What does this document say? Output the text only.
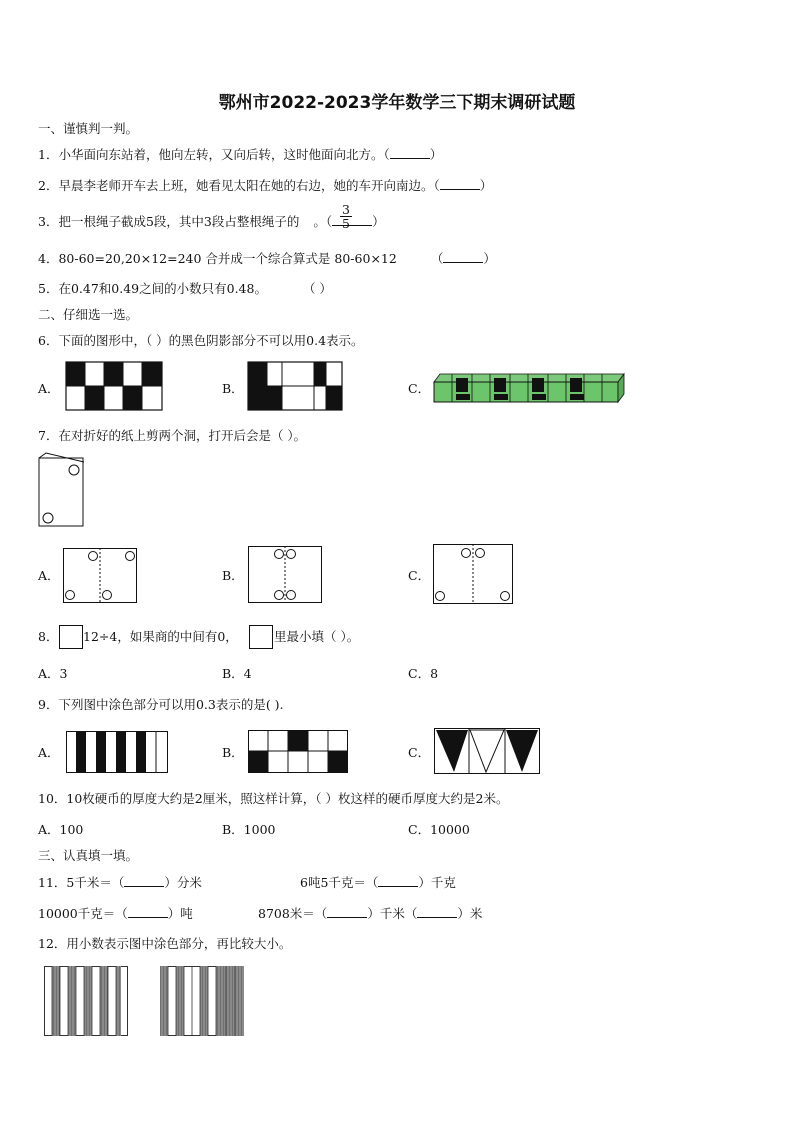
鄂州市2022-2023学年数学三下期末调研试题
一、谨慎判一判。
1．小华面向东站着，他向左转，又向后转，这时他面向北方。（	）
2．早晨李老师开车去上班，她看见太阳在她的右边，她的车开向南边。（	）
3．把一根绳子截成5段，其中3段占整根绳子的 。（	）
$\frac{3}{5}$
4．80-60=20,20×12=240 合并成一个综合算式是 80-60×12	（	）
5．在0.47和0.49之间的小数只有0.48。	（ ）
二、仔细选一选。
6．下面的图形中，（ ）的黑色阴影部分不可以用0.4表示。
A．	B．	C．
7．在对折好的纸上剪两个洞，打开后会是（ ）。
A．	B．	C．
8． 12÷4，如果商的中间有0，	里最小填（ ）。
A．3	B．4	C．8
9．下列图中涂色部分可以用0.3表示的是( ).
A．	B．	C．
10．10枚硬币的厚度大约是2厘米，照这样计算，（ ）枚这样的硬币厚度大约是2米。
A．100	B．1000	C．10000
三、认真填一填。
11．5千米＝（	）分米	6吨5千克＝（	）千克
10000千克＝（	）吨	8708米＝（	）千米（	）米
12．用小数表示图中涂色部分，再比较大小。
